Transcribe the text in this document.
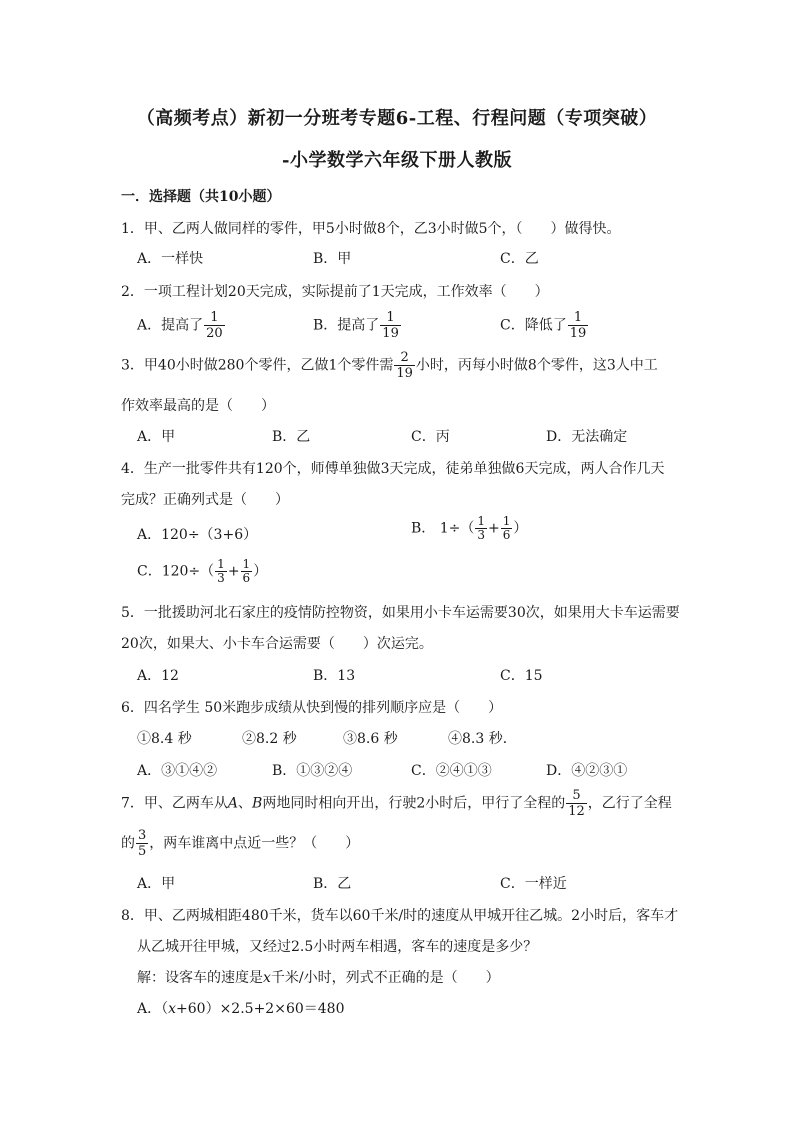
（高频考点）新初一分班考专题6-工程、行程问题（专项突破）
-小学数学六年级下册人教版
一．选择题（共10小题）
1．甲、乙两人做同样的零件，甲5小时做8个，乙3小时做5个，（　　）做得快。
A．一样快	B．甲	C．乙
2．一项工程计划20天完成，实际提前了1天完成，工作效率（　　）
A．提高了 $\frac{1}{20}$	B．提高了 $\frac{1}{19}$	C．降低了 $\frac{1}{19}$
3．甲40小时做280个零件，乙做1个零件需 $\frac{2}{19}$ 小时，丙每小时做8个零件，这3人中工
作效率最高的是（　　）
A．甲	B．乙	C．丙	D．无法确定
4．生产一批零件共有120个，师傅单独做3天完成，徒弟单独做6天完成，两人合作几天
完成？正确列式是（　　）
A．120÷（3+6）	B． $1\div( \frac{1}{3} + \frac{1}{6}$ ）
C．$120\div( \frac{1}{3} + \frac{1}{6}$ ）
5．一批援助河北石家庄的疫情防控物资，如果用小卡车运需要30次，如果用大卡车运需要
20次，如果大、小卡车合运需要（　　）次运完。
A．12	B．13	C．15
6．四名学生 50米跑步成绩从快到慢的排列顺序应是（　　）
①8.4 秒	②8.2 秒	③8.6 秒	④8.3 秒．
A．③①④②	B．①③②④	C．②④①③	D．④②③①
7．甲、乙两车从A、B两地同时相向开出，行驶2小时后，甲行了全程的 $\frac{5}{12}$ ，乙行了全程
的 $\frac{3}{5}$ ，两车谁离中点近一些？（　　）
A．甲	B．乙	C．一样近
8．甲、乙两城相距480千米，货车以60千米/时的速度从甲城开往乙城。2小时后，客车才
从乙城开往甲城，又经过2.5小时两车相遇，客车的速度是多少？
解：设客车的速度是x千米/小时，列式不正确的是（　　）
A．（x+60）×2.5+2×60＝480
